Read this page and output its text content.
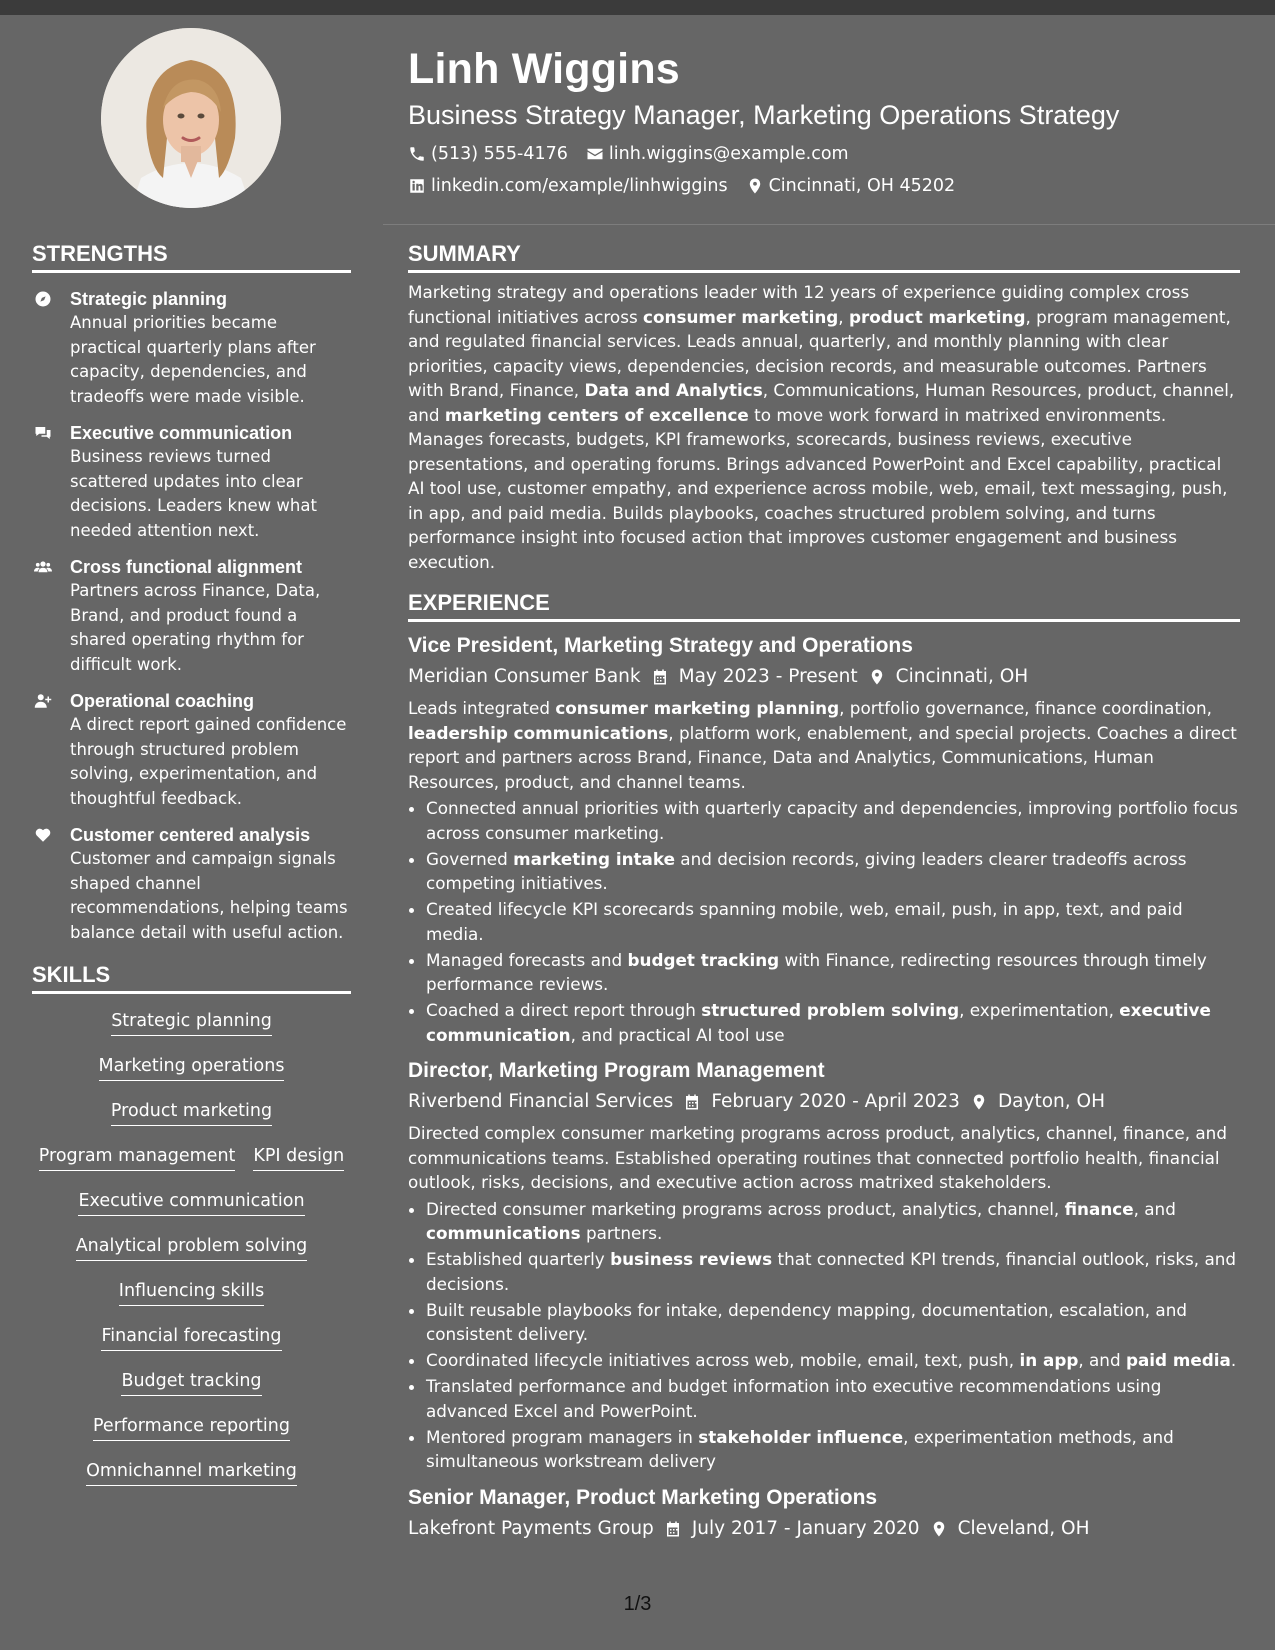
Linh Wiggins
Business Strategy Manager, Marketing Operations Strategy
(513) 555-4176 linh.wiggins@example.com
linkedin.com/example/linhwiggins Cincinnati, OH 45202
STRENGTHS
Strategic planning
Annual priorities became practical quarterly plans after capacity, dependencies, and tradeoffs were made visible.
Executive communication
Business reviews turned scattered updates into clear decisions. Leaders knew what needed attention next.
Cross functional alignment
Partners across Finance, Data, Brand, and product found a shared operating rhythm for difficult work.
Operational coaching
A direct report gained confidence through structured problem solving, experimentation, and thoughtful feedback.
Customer centered analysis
Customer and campaign signals shaped channel recommendations, helping teams balance detail with useful action.
SKILLS
Strategic planning
Marketing operations
Product marketing
Program management KPI design
Executive communication
Analytical problem solving
Influencing skills
Financial forecasting
Budget tracking
Performance reporting
Omnichannel marketing
SUMMARY

Marketing strategy and operations leader with 12 years of experience guiding complex cross functional initiatives across consumer marketing, product marketing, program management, and regulated financial services. Leads annual, quarterly, and monthly planning with clear priorities, capacity views, dependencies, decision records, and measurable outcomes. Partners with Brand, Finance, Data and Analytics, Communications, Human Resources, product, channel, and marketing centers of excellence to move work forward in matrixed environments. Manages forecasts, budgets, KPI frameworks, scorecards, business reviews, executive presentations, and operating forums. Brings advanced PowerPoint and Excel capability, practical AI tool use, customer empathy, and experience across mobile, web, email, text messaging, push, in app, and paid media. Builds playbooks, coaches structured problem solving, and turns performance insight into focused action that improves customer engagement and business execution.

EXPERIENCE
Vice President, Marketing Strategy and Operations
Meridian Consumer Bank May 2023 - Present Cincinnati, OH

Leads integrated consumer marketing planning, portfolio governance, finance coordination, leadership communications, platform work, enablement, and special projects. Coaches a direct report and partners across Brand, Finance, Data and Analytics, Communications, Human Resources, product, and channel teams.

• Connected annual priorities with quarterly capacity and dependencies, improving portfolio focus across consumer marketing.
• Governed marketing intake and decision records, giving leaders clearer tradeoffs across competing initiatives.
• Created lifecycle KPI scorecards spanning mobile, web, email, push, in app, text, and paid media.
• Managed forecasts and budget tracking with Finance, redirecting resources through timely performance reviews.
• Coached a direct report through structured problem solving, experimentation, executive communication, and practical AI tool use
Director, Marketing Program Management
Riverbend Financial Services February 2020 - April 2023 Dayton, OH

Directed complex consumer marketing programs across product, analytics, channel, finance, and communications teams. Established operating routines that connected portfolio health, financial outlook, risks, decisions, and executive action across matrixed stakeholders.

• Directed consumer marketing programs across product, analytics, channel, finance, and communications partners.
• Established quarterly business reviews that connected KPI trends, financial outlook, risks, and decisions.
• Built reusable playbooks for intake, dependency mapping, documentation, escalation, and consistent delivery.
• Coordinated lifecycle initiatives across web, mobile, email, text, push, in app, and paid media.
• Translated performance and budget information into executive recommendations using advanced Excel and PowerPoint.
• Mentored program managers in stakeholder influence, experimentation methods, and simultaneous workstream delivery
Senior Manager, Product Marketing Operations
Lakefront Payments Group July 2017 - January 2020 Cleveland, OH
1/3
